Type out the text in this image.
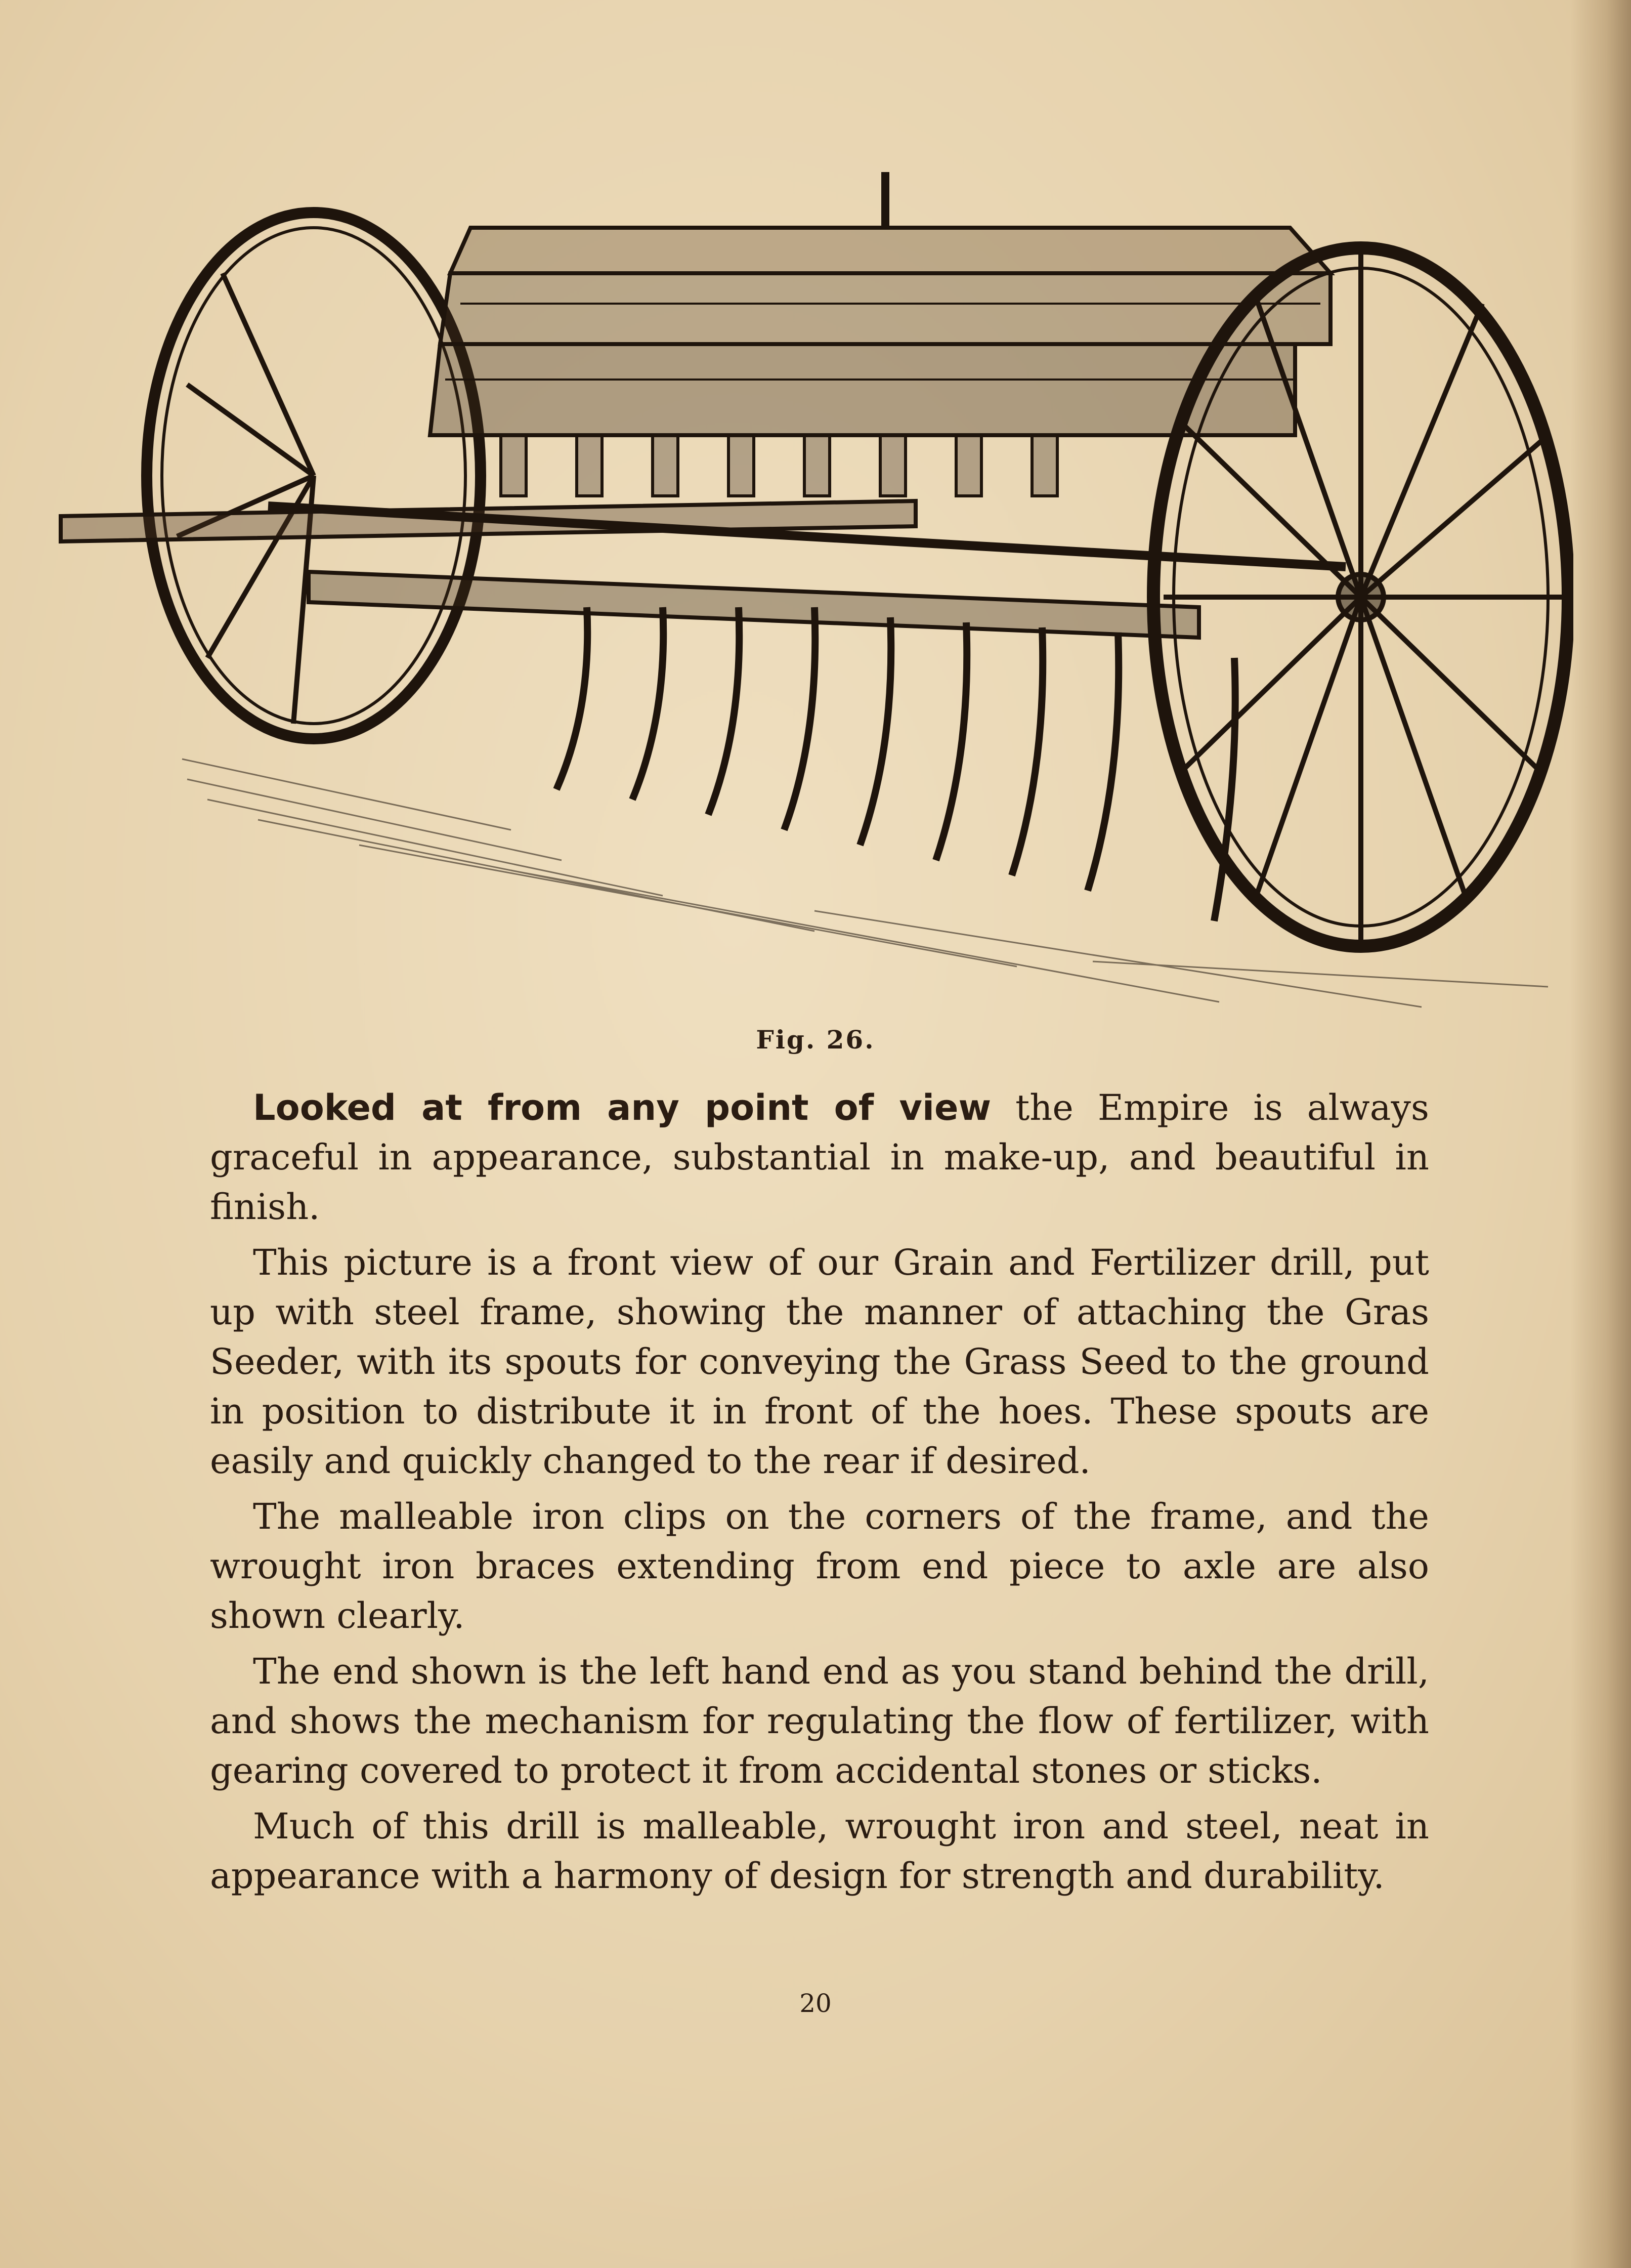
Fig. 26.

Looked at from any point of view the Empire is always graceful in appearance, substantial in make-up, and beautiful in finish.

This picture is a front view of our Grain and Fertilizer drill, put up with steel frame, showing the manner of attaching the Gras Seeder, with its spouts for conveying the Grass Seed to the ground in position to distribute it in front of the hoes. These spouts are easily and quickly changed to the rear if desired.

The malleable iron clips on the corners of the frame, and the wrought iron braces extending from end piece to axle are also shown clearly.

The end shown is the left hand end as you stand behind the drill, and shows the mechanism for regulating the flow of fertilizer, with gearing covered to protect it from accidental stones or sticks.

Much of this drill is malleable, wrought iron and steel, neat in appearance with a harmony of design for strength and durability.

20
